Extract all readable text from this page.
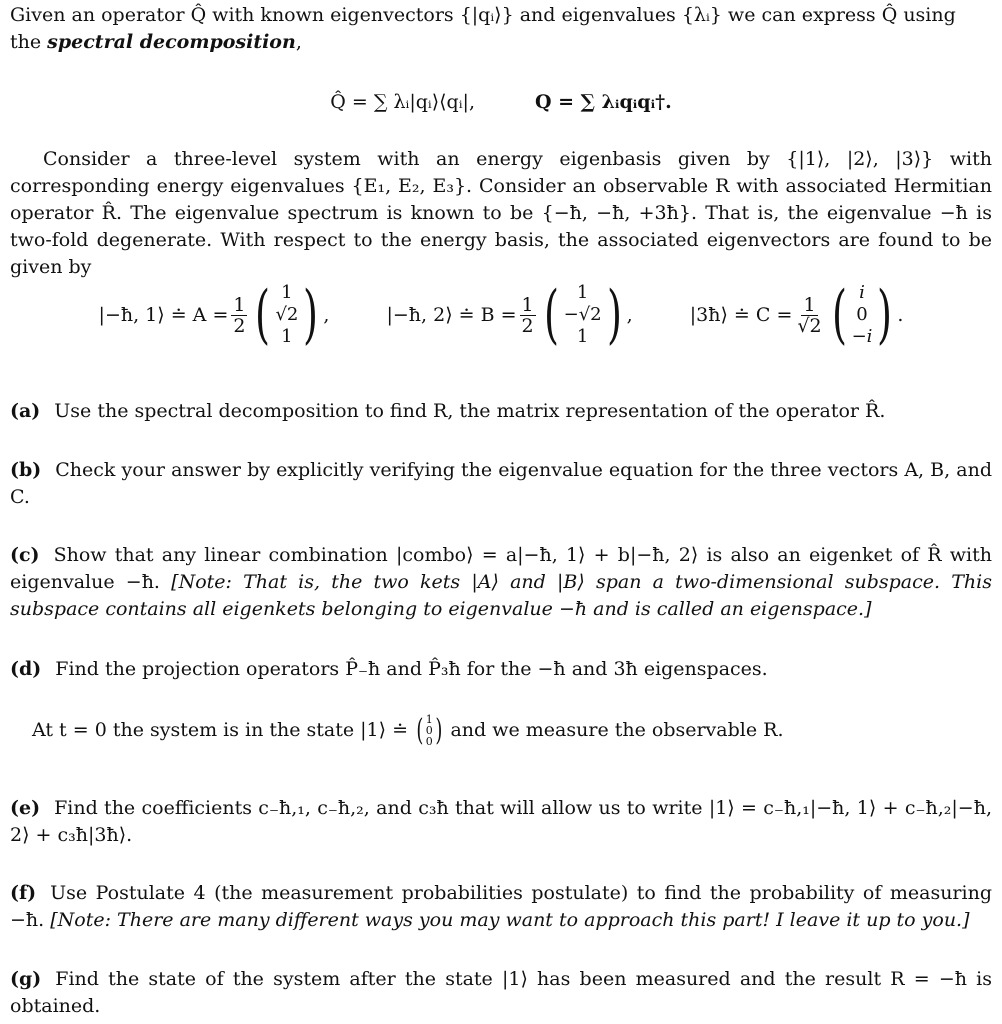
Given an operator Q̂ with known eigenvectors {|qᵢ⟩} and eigenvalues {λᵢ} we can express Q̂ using

the spectral decomposition,

Q̂ = ∑ λᵢ|qᵢ⟩⟨qᵢ|,	Q = ∑ λᵢqᵢqᵢ†.

Consider a three-level system with an energy eigenbasis given by {|1⟩, |2⟩, |3⟩} with corresponding energy eigenvalues {E₁, E₂, E₃}. Consider an observable R with associated Hermitian operator R̂. The eigenvalue spectrum is known to be {−ħ, −ħ, +3ħ}. That is, the eigenvalue −ħ is two-fold degenerate. With respect to the energy basis, the associated eigenvectors are found to be given by

|−ħ, 1⟩ ≐ $A = \frac{1}{2}$ ( 1
√2
1 ) ,	|−ħ, 2⟩ ≐ $B = \frac{1}{2}$ ( 1
−√2
1 ) ,	|3ħ⟩ ≐ $C = \frac{1}{√2}$ ( i
0
−i ) .

(a) Use the spectral decomposition to find R, the matrix representation of the operator R̂.

(b) Check your answer by explicitly verifying the eigenvalue equation for the three vectors A, B, and C.

(c) Show that any linear combination |combo⟩ = a|−ħ, 1⟩ + b|−ħ, 2⟩ is also an eigenket of R̂ with eigenvalue −ħ. [Note: That is, the two kets |A⟩ and |B⟩ span a two-dimensional subspace. This subspace contains all eigenkets belonging to eigenvalue −ħ and is called an eigenspace.]

(d) Find the projection operators P̂₋ħ and P̂₃ħ for the −ħ and 3ħ eigenspaces.

At t = 0 the system is in the state |1⟩ ≐ ( 1
0
0 ) and we measure the observable R.

(e) Find the coefficients c₋ħ,₁, c₋ħ,₂, and c₃ħ that will allow us to write |1⟩ = c₋ħ,₁|−ħ, 1⟩ + c₋ħ,₂|−ħ, 2⟩ + c₃ħ|3ħ⟩.

(f) Use Postulate 4 (the measurement probabilities postulate) to find the probability of measuring −ħ. [Note: There are many different ways you may want to approach this part! I leave it up to you.]

(g) Find the state of the system after the state |1⟩ has been measured and the result R = −ħ is obtained.
